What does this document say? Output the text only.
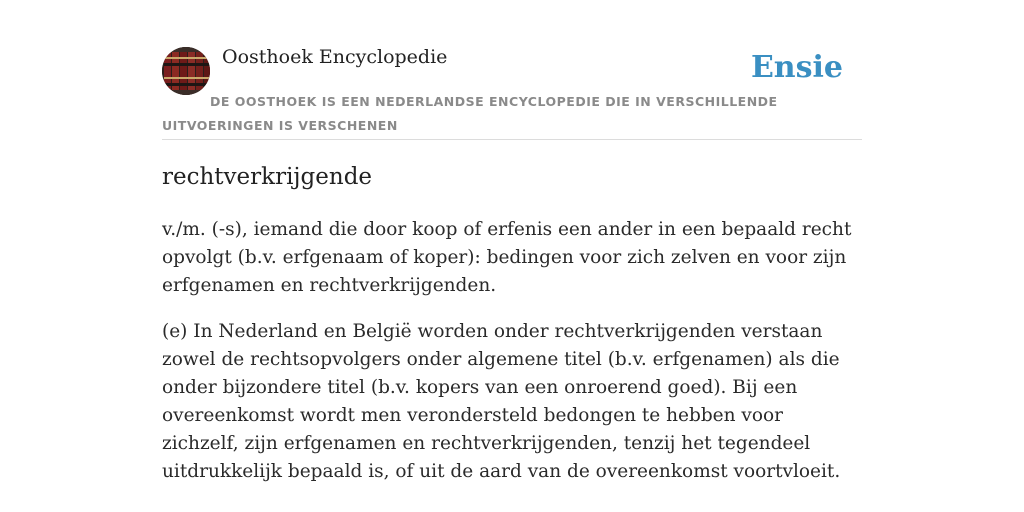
Oosthoek Encyclopedie	Ensie
DE OOSTHOEK IS EEN NEDERLANDSE ENCYCLOPEDIE DIE IN VERSCHILLENDE UITVOERINGEN IS VERSCHENEN
rechtverkrijgende

v./m. (-s), iemand die door koop of erfenis een ander in een bepaald recht opvolgt (b.v. erfgenaam of koper): bedingen voor zich zelven en voor zijn erfgenamen en rechtverkrijgenden.

(e) In Nederland en België worden onder rechtverkrijgenden verstaan zowel de rechtsopvolgers onder algemene titel (b.v. erfgenamen) als die onder bijzondere titel (b.v. kopers van een onroerend goed). Bij een overeenkomst wordt men verondersteld bedongen te hebben voor zichzelf, zijn erfgenamen en rechtverkrijgenden, tenzij het tegendeel uitdrukkelijk bepaald is, of uit de aard van de overeenkomst voortvloeit.
